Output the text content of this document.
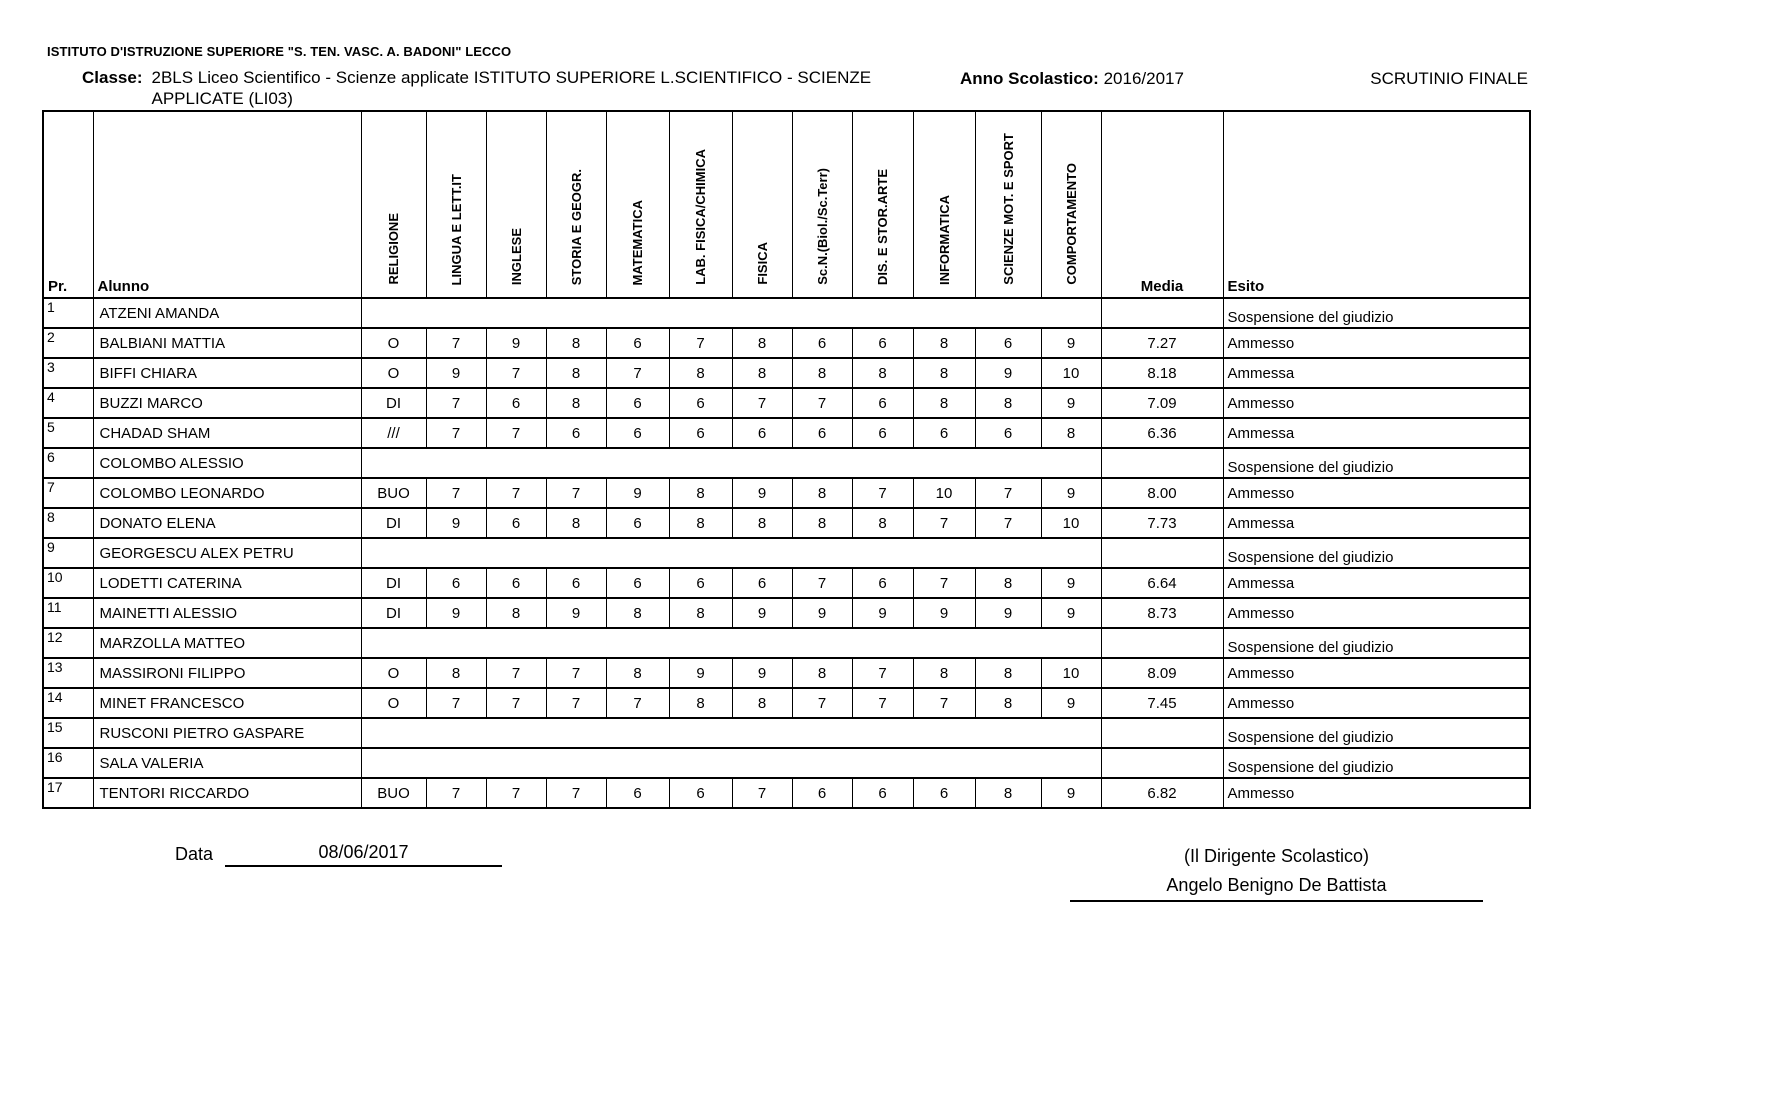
ISTITUTO D'ISTRUZIONE SUPERIORE "S. TEN. VASC. A. BADONI" LECCO
Classe: 2BLS Liceo Scientifico - Scienze applicate ISTITUTO SUPERIORE L.SCIENTIFICO - SCIENZE APPLICATE (LI03)
Anno Scolastico: 2016/2017	SCRUTINIO FINALE
Pr.	Alunno	RELIGIONE	LINGUA E LETT.IT	INGLESE	STORIA E GEOGR.	MATEMATICA	LAB. FISICA/CHIMICA	FISICA	Sc.N.(Biol./Sc.Terr)	DIS. E STOR.ARTE	INFORMATICA	SCIENZE MOT. E SPORT	COMPORTAMENTO	Media	Esito
1	ATZENI AMANDA														Sospensione del giudizio
2	BALBIANI MATTIA	O	7	9	8	6	7	8	6	6	8	6	9	7.27	Ammesso
3	BIFFI CHIARA	O	9	7	8	7	8	8	8	8	8	9	10	8.18	Ammessa
4	BUZZI MARCO	DI	7	6	8	6	6	7	7	6	8	8	9	7.09	Ammesso
5	CHADAD SHAM	///	7	7	6	6	6	6	6	6	6	6	8	6.36	Ammessa
6	COLOMBO ALESSIO														Sospensione del giudizio
7	COLOMBO LEONARDO	BUO	7	7	7	9	8	9	8	7	10	7	9	8.00	Ammesso
8	DONATO ELENA	DI	9	6	8	6	8	8	8	8	7	7	10	7.73	Ammessa
9	GEORGESCU ALEX PETRU														Sospensione del giudizio
10	LODETTI CATERINA	DI	6	6	6	6	6	6	7	6	7	8	9	6.64	Ammessa
11	MAINETTI ALESSIO	DI	9	8	9	8	8	9	9	9	9	9	9	8.73	Ammesso
12	MARZOLLA MATTEO														Sospensione del giudizio
13	MASSIRONI FILIPPO	O	8	7	7	8	9	9	8	7	8	8	10	8.09	Ammesso
14	MINET FRANCESCO	O	7	7	7	7	8	8	7	7	7	8	9	7.45	Ammesso
15	RUSCONI PIETRO GASPARE														Sospensione del giudizio
16	SALA VALERIA														Sospensione del giudizio
17	TENTORI RICCARDO	BUO	7	7	7	6	6	7	6	6	6	8	9	6.82	Ammesso
Data	08/06/2017	(Il Dirigente Scolastico)
Angelo Benigno De Battista
